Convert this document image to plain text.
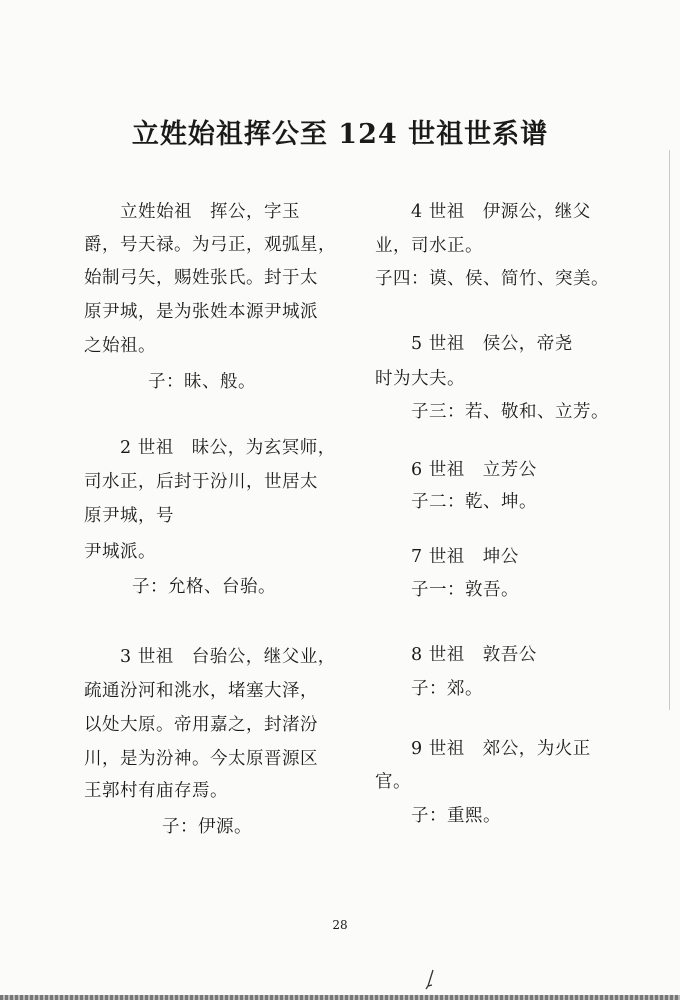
立姓始祖挥公至 124 世祖世系谱
立姓始祖　挥公，字玉
爵，号天禄。为弓正，观弧星，
始制弓矢，赐姓张氏。封于太
原尹城，是为张姓本源尹城派
之始祖。
子：昧、般。
2 世祖　昧公，为玄冥师，
司水正，后封于汾川，世居太
原尹城，号
尹城派。
子：允格、台骀。
3 世祖　台骀公，继父业，
疏通汾河和洮水，堵塞大泽，
以处大原。帝用嘉之，封渚汾
川，是为汾神。今太原晋源区
王郭村有庙存焉。
子：伊源。
4 世祖　伊源公，继父
业，司水正。
子四：谟、侯、简竹、突美。
5 世祖　侯公，帝尧
时为大夫。
子三：若、敬和、立芳。
6 世祖　立芳公
子二：乾、坤。
7 世祖　坤公
子一：敦吾。
8 世祖　敦吾公
子：郊。
9 世祖　郊公，为火正
官。
子：重熙。
28
